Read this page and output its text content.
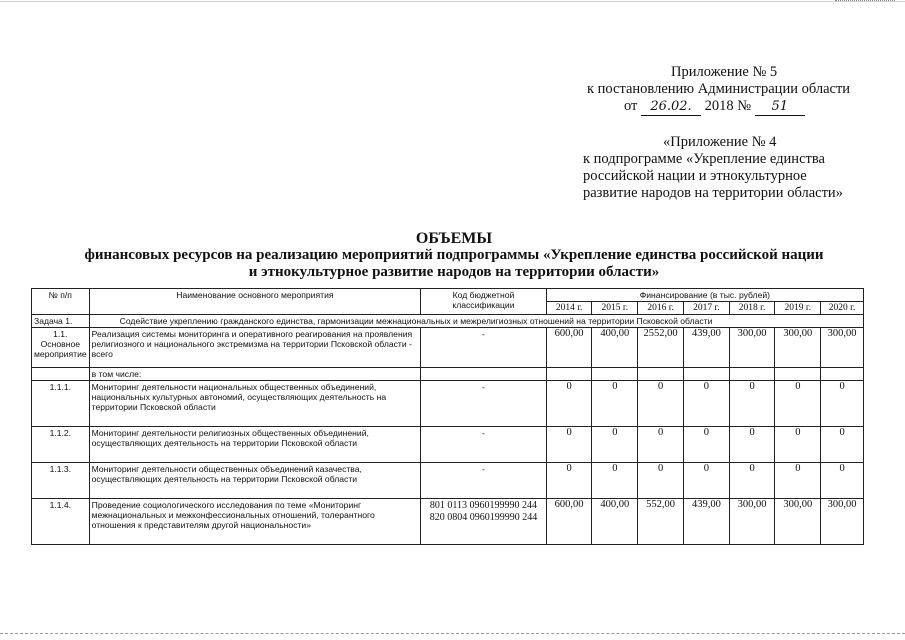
Приложение № 5
к постановлению Администрации области
от 26.02. 2018 № 51
«Приложение № 4
к подпрограмме «Укрепление единства
российской нации и этнокультурное
развитие народов на территории области»
ОБЪЕМЫ
финансовых ресурсов на реализацию мероприятий подпрограммы «Укрепление единства российской нации
и этнокультурное развитие народов на территории области»
№ п/п	Наименование основного мероприятия	Код бюджетной классификации	Финансирование (в тыс. рублей)						
			2014 г.	2015 г.	2016 г.	2017 г.	2018 г.	2019 г.	2020 г.
Задача 1.	Содействие укреплению гражданского единства, гармонизации межнациональных и межрелигиозных отношений на территории Псковской области								
1.1. Основное мероприятие	Реализация системы мониторинга и оперативного реагирования на проявления религиозного и национального экстремизма на территории Псковской области - всего	-	600,00	400,00	2552,00	439,00	300,00	300,00	300,00
	в том числе:								
1.1.1.	Мониторинг деятельности национальных общественных объединений, национальных культурных автономий, осуществляющих деятельность на территории Псковской области	-	0	0	0	0	0	0	0
1.1.2.	Мониторинг деятельности религиозных общественных объединений, осуществляющих деятельность на территории Псковской области	-	0	0	0	0	0	0	0
1.1.3.	Мониторинг деятельности общественных объединений казачества, осуществляющих деятельность на территории Псковской области	-	0	0	0	0	0	0	0
1.1.4.	Проведение социологического исследования по теме «Мониторинг межнациональных и межконфессиональных отношений, толерантного отношения к представителям другой национальности»	801 0113 0960199990 244
820 0804 0960199990 244	600,00	400,00	552,00	439,00	300,00	300,00	300,00
